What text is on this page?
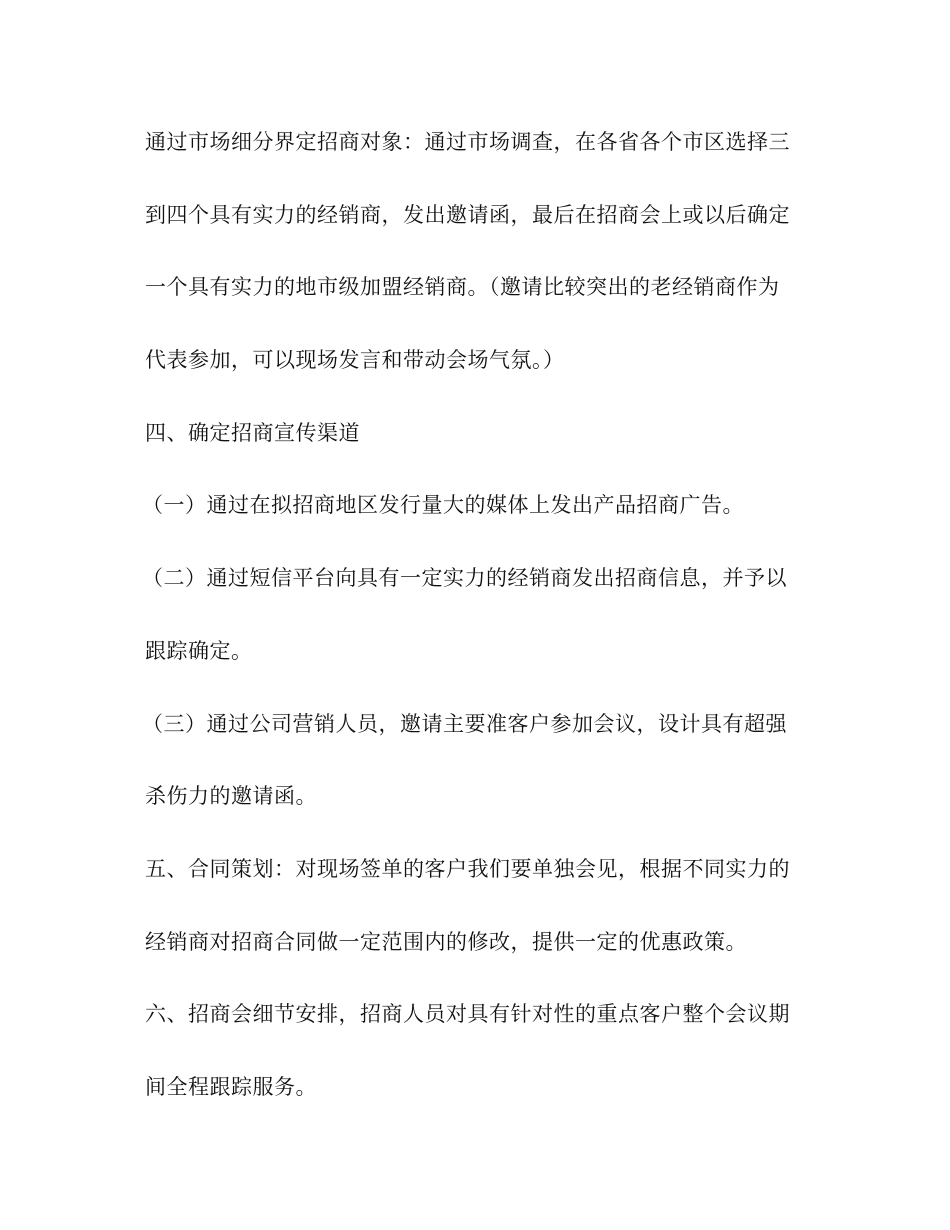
通过市场细分界定招商对象：通过市场调查，在各省各个市区选择三
到四个具有实力的经销商，发出邀请函，最后在招商会上或以后确定
一个具有实力的地市级加盟经销商。（邀请比较突出的老经销商作为
代表参加，可以现场发言和带动会场气氛。）
四、确定招商宣传渠道
（一）通过在拟招商地区发行量大的媒体上发出产品招商广告。
（二）通过短信平台向具有一定实力的经销商发出招商信息，并予以
跟踪确定。
（三）通过公司营销人员，邀请主要准客户参加会议，设计具有超强
杀伤力的邀请函。
五、合同策划：对现场签单的客户我们要单独会见，根据不同实力的
经销商对招商合同做一定范围内的修改，提供一定的优惠政策。
六、招商会细节安排，招商人员对具有针对性的重点客户整个会议期
间全程跟踪服务。
